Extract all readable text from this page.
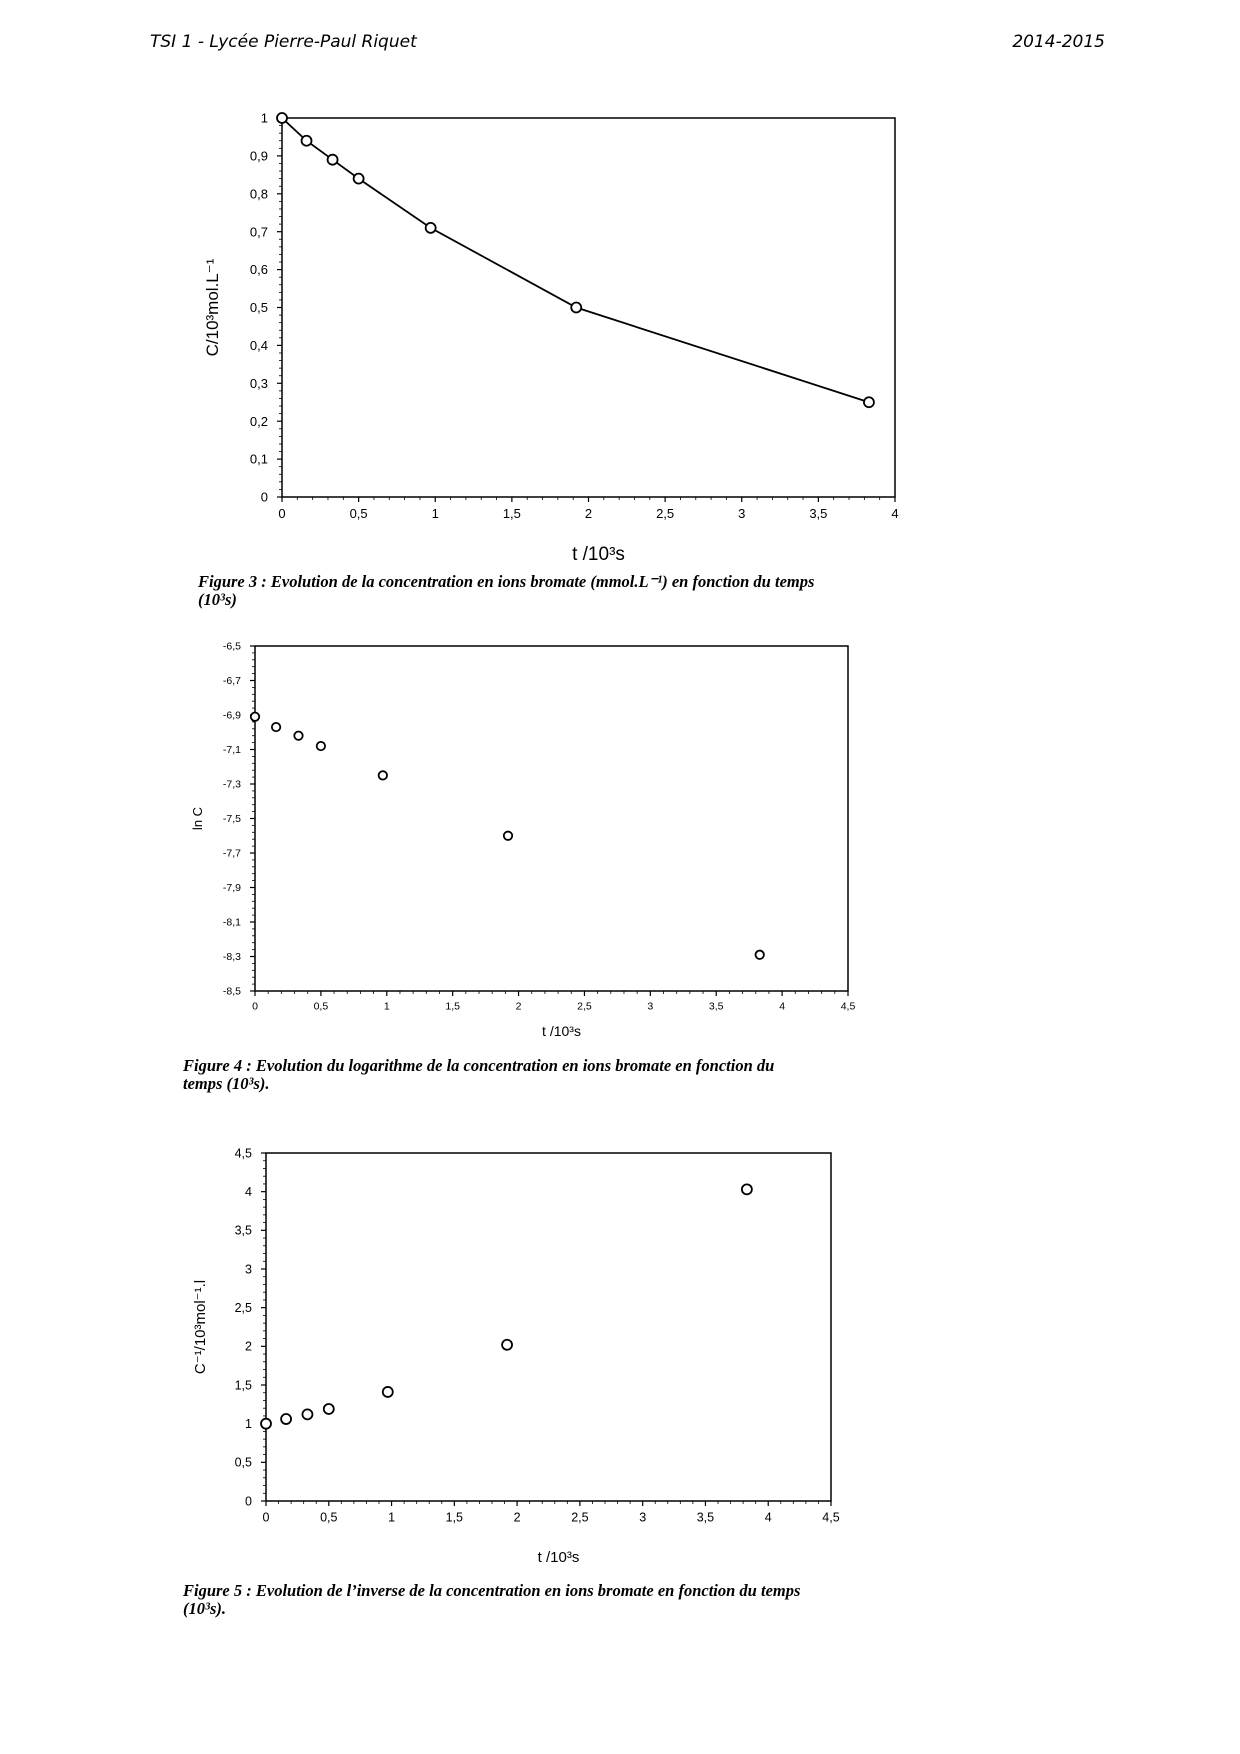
TSI 1 - Lycée Pierre-Paul Riquet	2014-2015
0	0,5	1	1,5	2	2,5	3	3,5	4
0
0,1
0,2
0,3
0,4
0,5
0,6
0,7
0,8
0,9
1
t /10³s
C/10³mol.L⁻¹
Figure 3 : Evolution de la concentration en ions bromate (mmol.L⁻¹) en fonction du temps
(10³s)
0	0,5	1	1,5	2	2,5	3	3,5	4	4,5
-8,5
-8,3
-8,1
-7,9
-7,7
-7,5
-7,3
-7,1
-6,9
-6,7
-6,5
t /10³s
ln C
Figure 4 : Evolution du logarithme de la concentration en ions bromate en fonction du
temps (10³s).
0	0,5	1	1,5	2	2,5	3	3,5	4	4,5
0
0,5
1
1,5
2
2,5
3
3,5
4
4,5
t /10³s
C⁻¹/10³mol⁻¹.l
Figure 5 : Evolution de l’inverse de la concentration en ions bromate en fonction du temps
(10³s).
